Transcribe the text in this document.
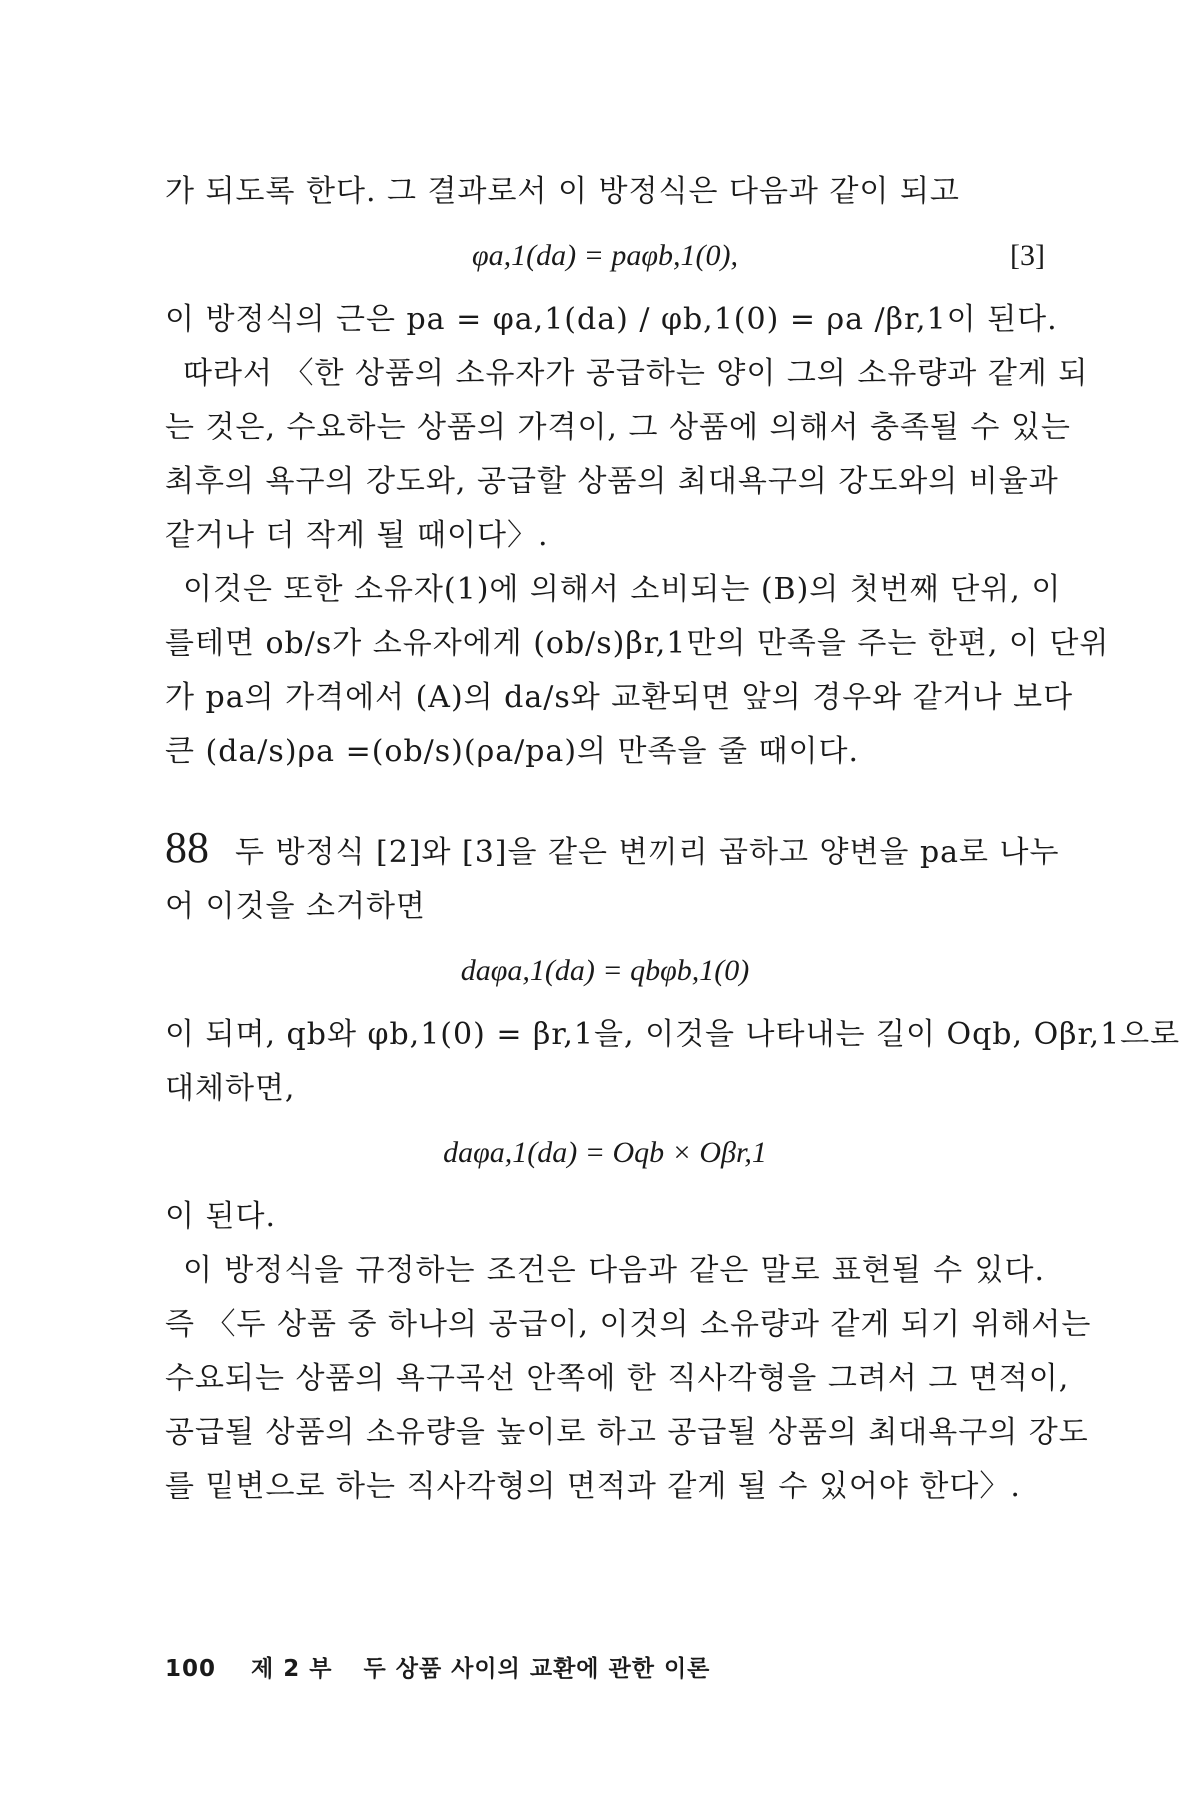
가 되도록 한다. 그 결과로서 이 방정식은 다음과 같이 되고
φa,1(da) = paφb,1(0),	[3]
이 방정식의 근은 pa = φa,1(da) / φb,1(0) = ρa /βr,1이 된다.
따라서 〈한 상품의 소유자가 공급하는 양이 그의 소유량과 같게 되
는 것은, 수요하는 상품의 가격이, 그 상품에 의해서 충족될 수 있는
최후의 욕구의 강도와, 공급할 상품의 최대욕구의 강도와의 비율과
같거나 더 작게 될 때이다〉.
이것은 또한 소유자(1)에 의해서 소비되는 (B)의 첫번째 단위, 이
를테면 ob/s가 소유자에게 (ob/s)βr,1만의 만족을 주는 한편, 이 단위
가 pa의 가격에서 (A)의 da/s와 교환되면 앞의 경우와 같거나 보다
큰 (da/s)ρa =(ob/s)(ρa/pa)의 만족을 줄 때이다.
88 두 방정식 [2]와 [3]을 같은 변끼리 곱하고 양변을 pa로 나누
어 이것을 소거하면
daφa,1(da) = qbφb,1(0)
이 되며, qb와 φb,1(0) = βr,1을, 이것을 나타내는 길이 Oqb, Oβr,1으로
대체하면,
daφa,1(da) = Oqb × Oβr,1
이 된다.
이 방정식을 규정하는 조건은 다음과 같은 말로 표현될 수 있다.
즉 〈두 상품 중 하나의 공급이, 이것의 소유량과 같게 되기 위해서는
수요되는 상품의 욕구곡선 안쪽에 한 직사각형을 그려서 그 면적이,
공급될 상품의 소유량을 높이로 하고 공급될 상품의 최대욕구의 강도
를 밑변으로 하는 직사각형의 면적과 같게 될 수 있어야 한다〉.
100 제 2 부 두 상품 사이의 교환에 관한 이론
